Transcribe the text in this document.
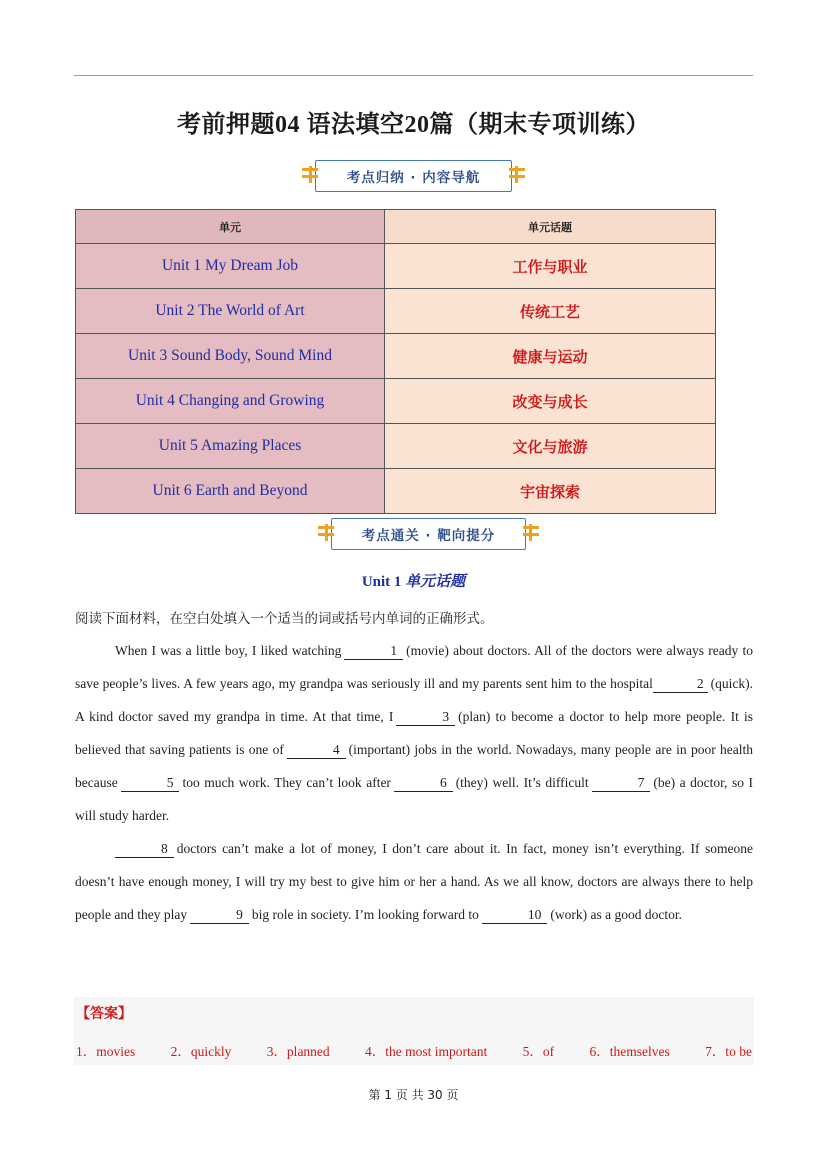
考前押题04 语法填空20篇（期末专项训练）
考点归纳 · 内容导航
单元	单元话题
Unit 1 My Dream Job	工作与职业
Unit 2 The World of Art	传统工艺
Unit 3 Sound Body, Sound Mind	健康与运动
Unit 4 Changing and Growing	改变与成长
Unit 5 Amazing Places	文化与旅游
Unit 6 Earth and Beyond	宇宙探索
考点通关 · 靶向提分
Unit 1 单元话题
阅读下面材料，在空白处填入一个适当的词或括号内单词的正确形式。

When I was a little boy, I liked watching	1 (movie) about doctors. All of the doctors were always ready to save people’s lives. A few years ago, my grandpa was seriously ill and my parents sent him to the hospital	2 (quick). A kind doctor saved my grandpa in time. At that time, I	3 (plan) to become a doctor to help more people. It is believed that saving patients is one of	4 (important) jobs in the world. Nowadays, many people are in poor health because	5 too much work. They can’t look after	6 (they) well. It’s difficult	7 (be) a doctor, so I will study harder.

8 doctors can’t make a lot of money, I don’t care about it. In fact, money isn’t everything. If someone doesn’t have enough money, I will try my best to give him or her a hand. As we all know, doctors are always there to help people and they play	9 big role in society. I’m looking forward to	10 (work) as a good doctor.

【答案】
1．movies	2．quickly	3．planned	4．the most important	5．of	6．themselves	7．to be
第 1 页 共 30 页
